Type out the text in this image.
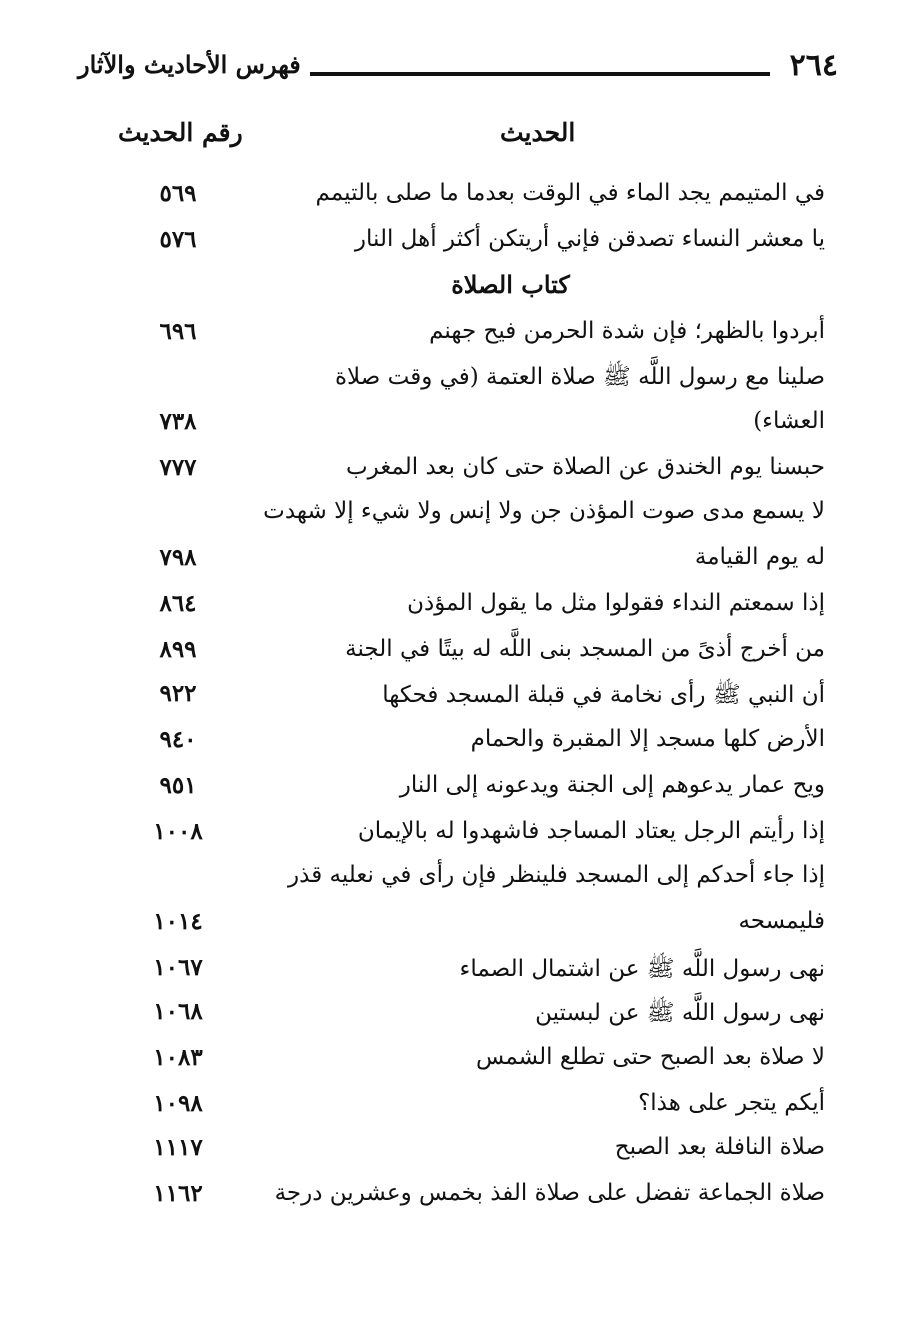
٢٦٤
فهرس الأحاديث والآثار
الحديث
رقم الحديث
في المتيمم يجد الماء في الوقت بعدما ما صلى بالتيمم
٥٦٩
يا معشر النساء تصدقن فإني أريتكن أكثر أهل النار
٥٧٦
كتاب الصلاة
أبردوا بالظهر؛ فإن شدة الحرمن فيح جهنم
٦٩٦
صلينا مع رسول اللَّه ﷺ صلاة العتمة (في وقت صلاة
العشاء)
٧٣٨
حبسنا يوم الخندق عن الصلاة حتى كان بعد المغرب
٧٧٧
لا يسمع مدى صوت المؤذن جن ولا إنس ولا شيء إلا شهدت
له يوم القيامة
٧٩٨
إذا سمعتم النداء فقولوا مثل ما يقول المؤذن
٨٦٤
من أخرج أذىً من المسجد بنى اللَّه له بيتًا في الجنة
٨٩٩
أن النبي ﷺ رأى نخامة في قبلة المسجد فحكها
٩٢٢
الأرض كلها مسجد إلا المقبرة والحمام
٩٤٠
ويح عمار يدعوهم إلى الجنة ويدعونه إلى النار
٩٥١
إذا رأيتم الرجل يعتاد المساجد فاشهدوا له بالإيمان
١٠٠٨
إذا جاء أحدكم إلى المسجد فلينظر فإن رأى في نعليه قذر
فليمسحه
١٠١٤
نهى رسول اللَّه ﷺ عن اشتمال الصماء
١٠٦٧
نهى رسول اللَّه ﷺ عن لبستين
١٠٦٨
لا صلاة بعد الصبح حتى تطلع الشمس
١٠٨٣
أيكم يتجر على هذا؟
١٠٩٨
صلاة النافلة بعد الصبح
١١١٧
صلاة الجماعة تفضل على صلاة الفذ بخمس وعشرين درجة
١١٦٢
